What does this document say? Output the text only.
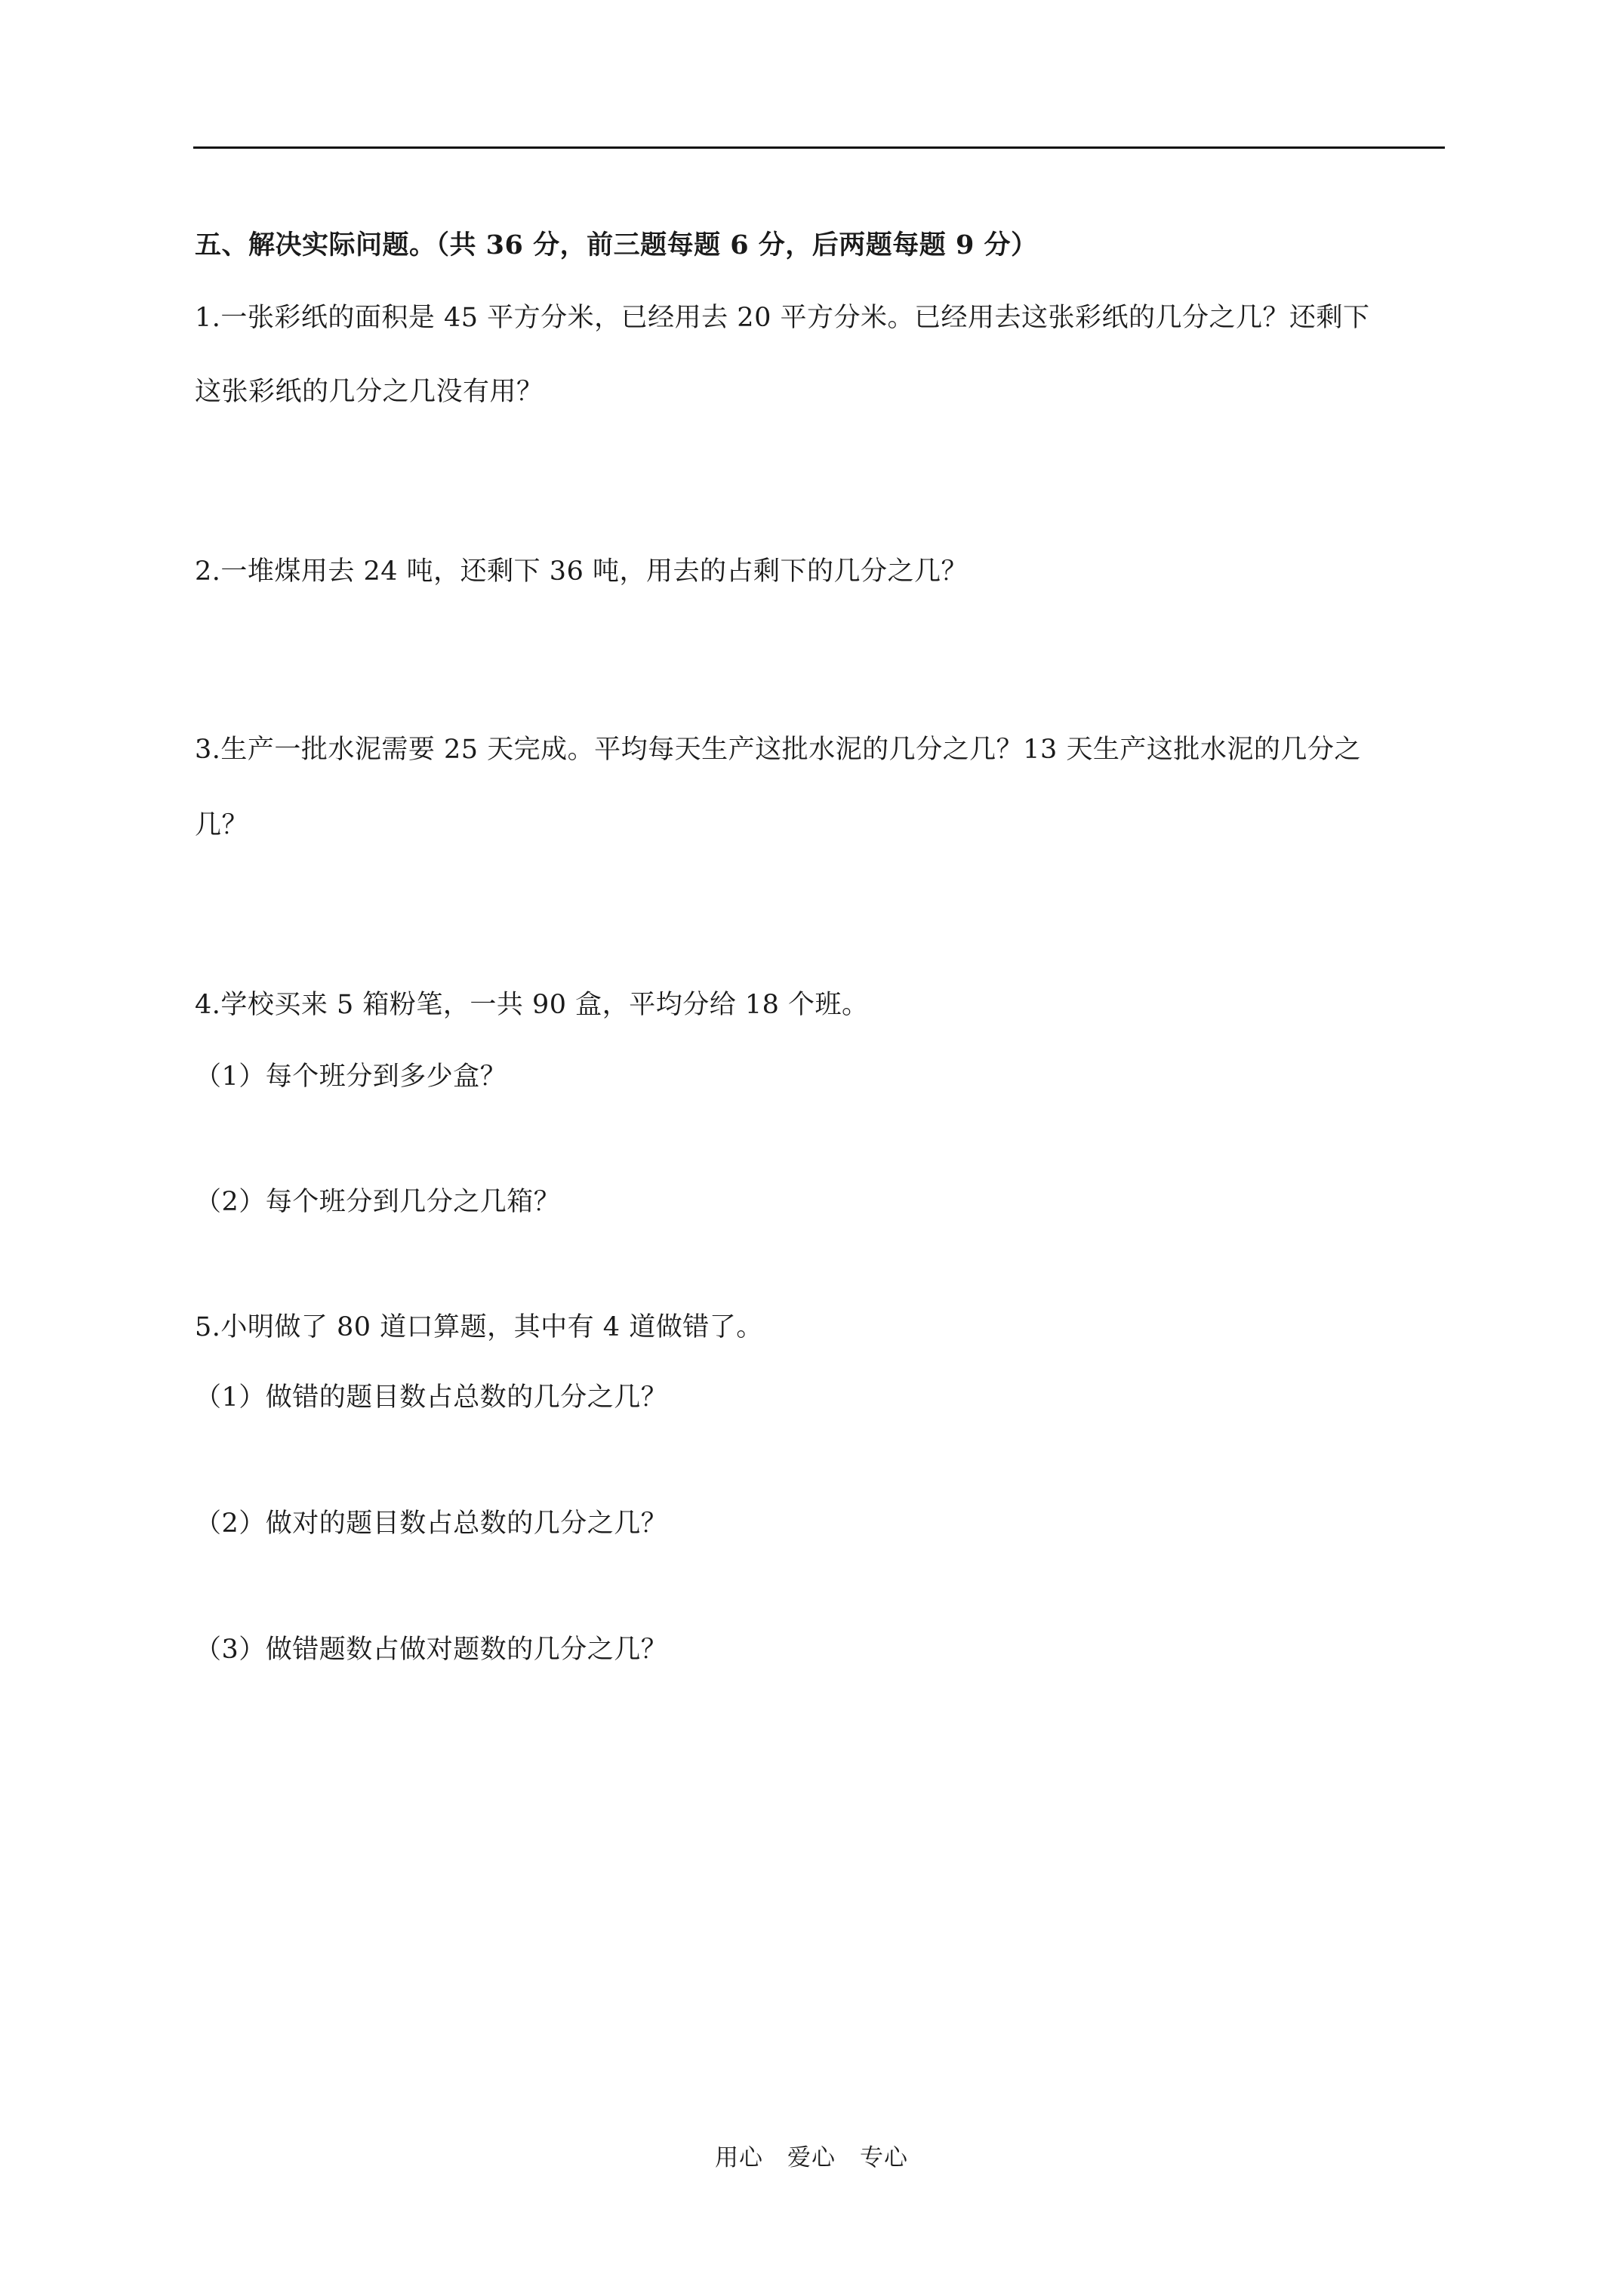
五、解决实际问题。（共 36 分，前三题每题 6 分，后两题每题 9 分）
1.一张彩纸的面积是 45 平方分米，已经用去 20 平方分米。已经用去这张彩纸的几分之几？还剩下
这张彩纸的几分之几没有用？
2.一堆煤用去 24 吨，还剩下 36 吨，用去的占剩下的几分之几？
3.生产一批水泥需要 25 天完成。平均每天生产这批水泥的几分之几？13 天生产这批水泥的几分之
几？
4.学校买来 5 箱粉笔，一共 90 盒，平均分给 18 个班。
（1）每个班分到多少盒？
（2）每个班分到几分之几箱？
5.小明做了 80 道口算题，其中有 4 道做错了。
（1）做错的题目数占总数的几分之几？
（2）做对的题目数占总数的几分之几？
（3）做错题数占做对题数的几分之几？
用心　爱心　专心
